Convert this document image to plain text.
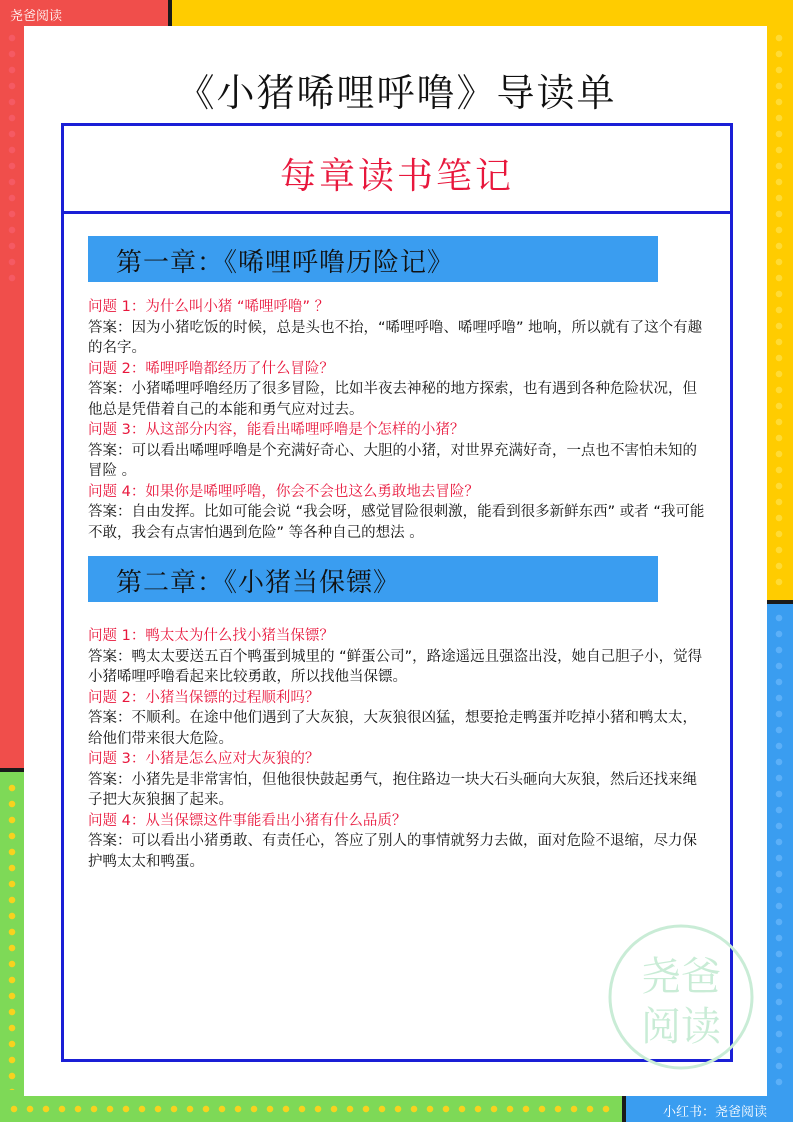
尧爸阅读
《小猪唏哩呼噜》导读单
每章读书笔记
第一章：《唏哩呼噜历险记》
问题 1：为什么叫小猪 “唏哩呼噜” ？
答案：因为小猪吃饭的时候，总是头也不抬，“唏哩呼噜、唏哩呼噜” 地响，所以就有了这个有趣的名字。
问题 2：唏哩呼噜都经历了什么冒险？
答案：小猪唏哩呼噜经历了很多冒险，比如半夜去神秘的地方探索，也有遇到各种危险状况，但他总是凭借着自己的本能和勇气应对过去。
问题 3：从这部分内容，能看出唏哩呼噜是个怎样的小猪？
答案：可以看出唏哩呼噜是个充满好奇心、大胆的小猪，对世界充满好奇，一点也不害怕未知的冒险 。
问题 4：如果你是唏哩呼噜，你会不会也这么勇敢地去冒险？
答案：自由发挥。比如可能会说 “我会呀，感觉冒险很刺激，能看到很多新鲜东西” 或者 “我可能不敢，我会有点害怕遇到危险” 等各种自己的想法 。
第二章：《小猪当保镖》
问题 1：鸭太太为什么找小猪当保镖？
答案：鸭太太要送五百个鸭蛋到城里的 “鲜蛋公司”，路途遥远且强盗出没，她自己胆子小，觉得小猪唏哩呼噜看起来比较勇敢，所以找他当保镖。
问题 2：小猪当保镖的过程顺利吗？
答案：不顺利。在途中他们遇到了大灰狼，大灰狼很凶猛，想要抢走鸭蛋并吃掉小猪和鸭太太，给他们带来很大危险。
问题 3：小猪是怎么应对大灰狼的？
答案：小猪先是非常害怕，但他很快鼓起勇气，抱住路边一块大石头砸向大灰狼，然后还找来绳子把大灰狼捆了起来。
问题 4：从当保镖这件事能看出小猪有什么品质？
答案：可以看出小猪勇敢、有责任心，答应了别人的事情就努力去做，面对危险不退缩，尽力保护鸭太太和鸭蛋。
尧爸
阅读
小红书：尧爸阅读
